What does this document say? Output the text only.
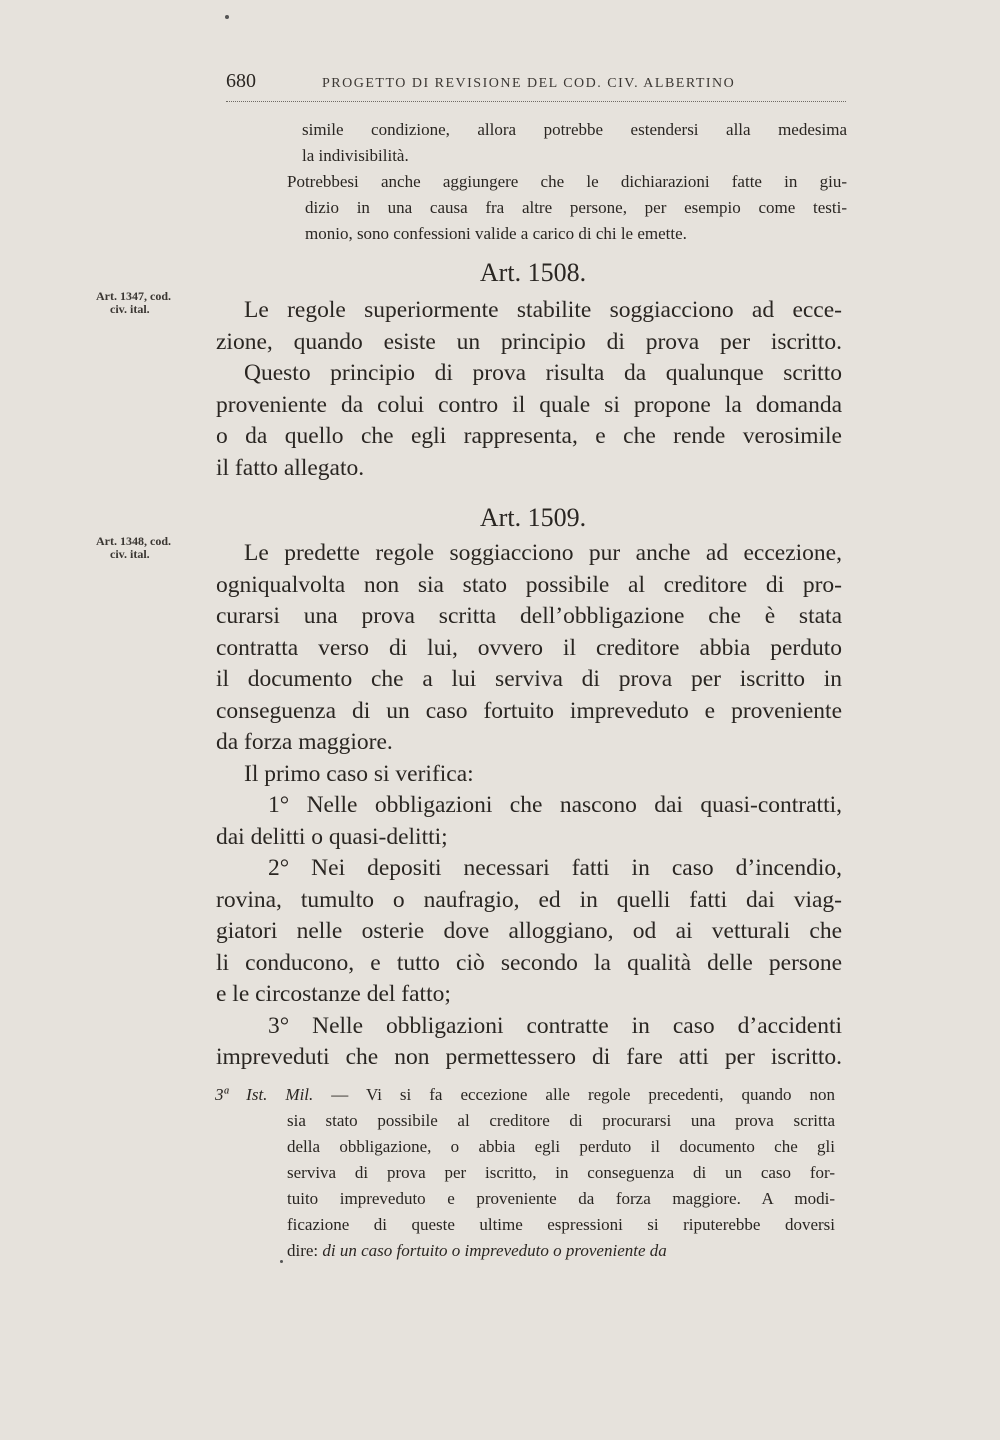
680	PROGETTO DI REVISIONE DEL COD. CIV. ALBERTINO
simile condizione, allora potrebbe estendersi alla medesima
la indivisibilità.
Potrebbesi anche aggiungere che le dichiarazioni fatte in giu-
dizio in una causa fra altre persone, per esempio come testi-
monio, sono confessioni valide a carico di chi le emette.
Art. 1508.
Art. 1347, cod.
civ. ital.	Le regole superiormente stabilite soggiacciono ad ecce-
zione, quando esiste un principio di prova per iscritto.
Questo principio di prova risulta da qualunque scritto
proveniente da colui contro il quale si propone la domanda
o da quello che egli rappresenta, e che rende verosimile
il fatto allegato.
Art. 1509.
Art. 1348, cod.
civ. ital.	Le predette regole soggiacciono pur anche ad eccezione,
ogniqualvolta non sia stato possibile al creditore di pro-
curarsi una prova scritta dell’obbligazione che è stata
contratta verso di lui, ovvero il creditore abbia perduto
il documento che a lui serviva di prova per iscritto in
conseguenza di un caso fortuito impreveduto e proveniente
da forza maggiore.
Il primo caso si verifica:
1° Nelle obbligazioni che nascono dai quasi-contratti,
dai delitti o quasi-delitti;
2° Nei depositi necessari fatti in caso d’incendio,
rovina, tumulto o naufragio, ed in quelli fatti dai viag-
giatori nelle osterie dove alloggiano, od ai vetturali che
li conducono, e tutto ciò secondo la qualità delle persone
e le circostanze del fatto;
3° Nelle obbligazioni contratte in caso d’accidenti
impreveduti che non permettessero di fare atti per iscritto.
3ª Ist. Mil. — Vi si fa eccezione alle regole precedenti, quando non
sia stato possibile al creditore di procurarsi una prova scritta
della obbligazione, o abbia egli perduto il documento che gli
serviva di prova per iscritto, in conseguenza di un caso for-
tuito impreveduto e proveniente da forza maggiore. A modi-
ficazione di queste ultime espressioni si riputerebbe doversi
dire: di un caso fortuito o impreveduto o proveniente da
